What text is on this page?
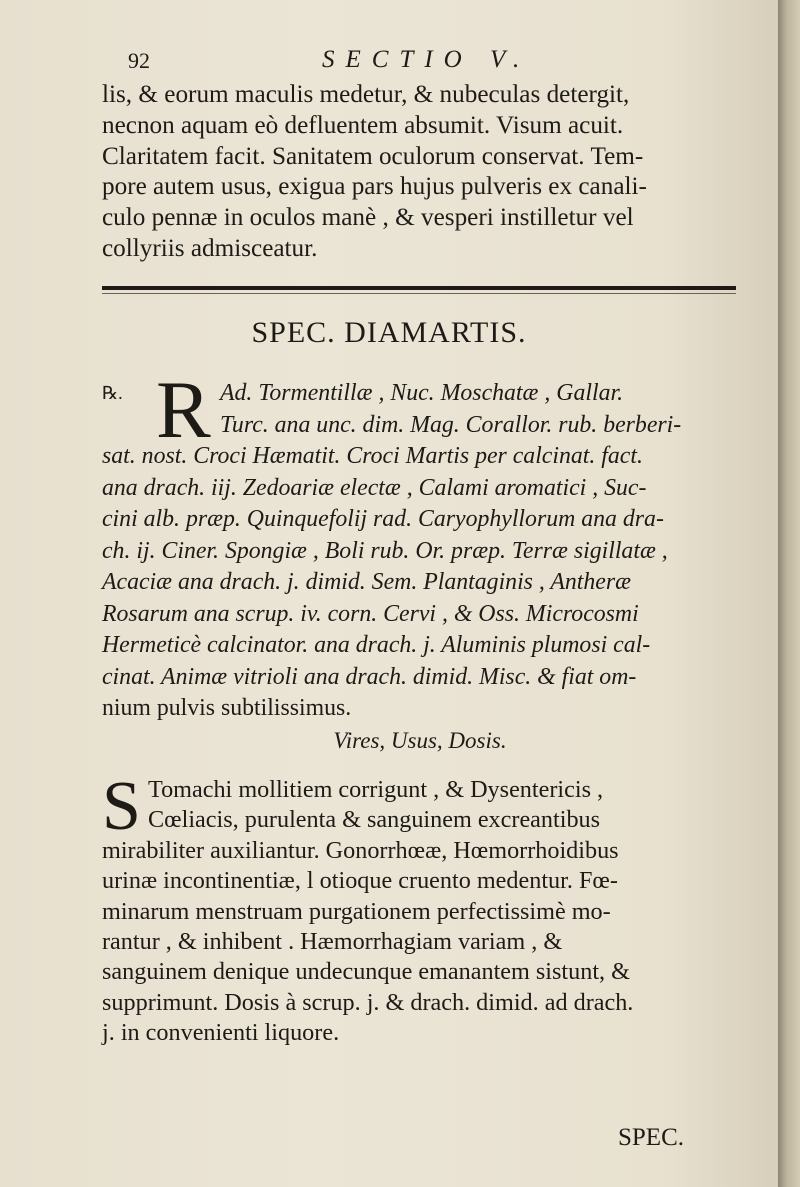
92	SECTIO V.
lis, & eorum maculis medetur, & nubeculas detergit,
necnon aquam eò defluentem absumit. Visum acuit.
Claritatem facit. Sanitatem oculorum conservat. Tem-
pore autem usus, exigua pars hujus pulveris ex canali-
culo pennæ in oculos manè , & vesperi instilletur vel
collyriis admisceatur.
SPEC. DIAMARTIS.
℞. R Ad. Tormentillæ , Nuc. Moschatæ , Gallar.
Turc. ana unc. dim. Mag. Corallor. rub. berberi-
sat. nost. Croci Hæmatit. Croci Martis per calcinat. fact.
ana drach. iij. Zedoariæ electæ , Calami aromatici , Suc-
cini alb. præp. Quinquefolij rad. Caryophyllorum ana dra-
ch. ij. Ciner. Spongiæ , Boli rub. Or. præp. Terræ sigillatæ ,
Acaciæ ana drach. j. dimid. Sem. Plantaginis , Antheræ
Rosarum ana scrup. iv. corn. Cervi , & Oss. Microcosmi
Hermeticè calcinator. ana drach. j. Aluminis plumosi cal-
cinat. Animæ vitrioli ana drach. dimid. Misc. & fiat om-
nium pulvis subtilissimus.
Vires, Usus, Dosis.
S Tomachi mollitiem corrigunt , & Dysentericis ,
Cœliacis, purulenta & sanguinem excreantibus
mirabiliter auxiliantur. Gonorrhœæ, Hœmorrhoidibus
urinæ incontinentiæ, l otioque cruento medentur. Fœ-
minarum menstruam purgationem perfectissimè mo-
rantur , & inhibent . Hæmorrhagiam variam , &
sanguinem denique undecunque emanantem sistunt, &
supprimunt. Dosis à scrup. j. & drach. dimid. ad drach.
j. in convenienti liquore.
SPEC.
